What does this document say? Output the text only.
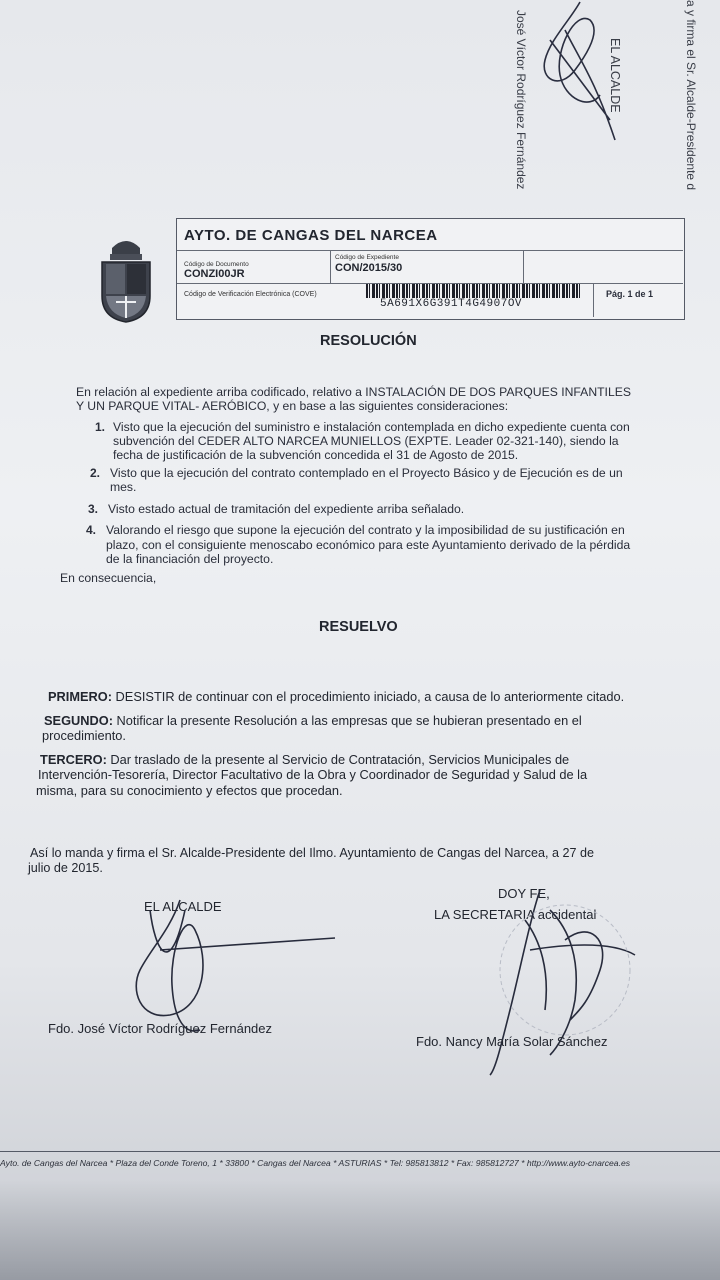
José Víctor Rodríguez Fernández	EL ALCALDE	a y firma el Sr. Alcalde-Presidente d
AYTO. DE CANGAS DEL NARCEA
Código de Documento
CONZI00JR
Código de Expediente
CON/2015/30
Código de Verificación Electrónica (COVE)
5A691X6G391T4G4907OV
Pág. 1 de 1
RESOLUCIÓN
En relación al expediente arriba codificado, relativo a INSTALACIÓN DE DOS PARQUES INFANTILES
Y UN PARQUE VITAL- AERÓBICO, y en base a las siguientes consideraciones:
1. Visto que la ejecución del suministro e instalación contemplada en dicho expediente cuenta con
subvención del CEDER ALTO NARCEA MUNIELLOS (EXPTE. Leader 02-321-140), siendo la
fecha de justificación de la subvención concedida el 31 de Agosto de 2015.
2. Visto que la ejecución del contrato contemplado en el Proyecto Básico y de Ejecución es de un
mes.
3. Visto estado actual de tramitación del expediente arriba señalado.
4. Valorando el riesgo que supone la ejecución del contrato y la imposibilidad de su justificación en
plazo, con el consiguiente menoscabo económico para este Ayuntamiento derivado de la pérdida
de la financiación del proyecto.
En consecuencia,
RESUELVO
PRIMERO: DESISTIR de continuar con el procedimiento iniciado, a causa de lo anteriormente citado.
SEGUNDO: Notificar la presente Resolución a las empresas que se hubieran presentado en el
procedimiento.
TERCERO: Dar traslado de la presente al Servicio de Contratación, Servicios Municipales de
Intervención-Tesorería, Director Facultativo de la Obra y Coordinador de Seguridad y Salud de la
misma, para su conocimiento y efectos que procedan.
Así lo manda y firma el Sr. Alcalde-Presidente del Ilmo. Ayuntamiento de Cangas del Narcea, a 27 de
julio de 2015.
EL ALCALDE
Fdo. José Víctor Rodríguez Fernández
DOY FE,
LA SECRETARIA accidental
Fdo. Nancy María Solar Sánchez
Ayto. de Cangas del Narcea * Plaza del Conde Toreno, 1 * 33800 * Cangas del Narcea * ASTURIAS * Tel: 985813812 * Fax: 985812727 * http://www.ayto-cnarcea.es
